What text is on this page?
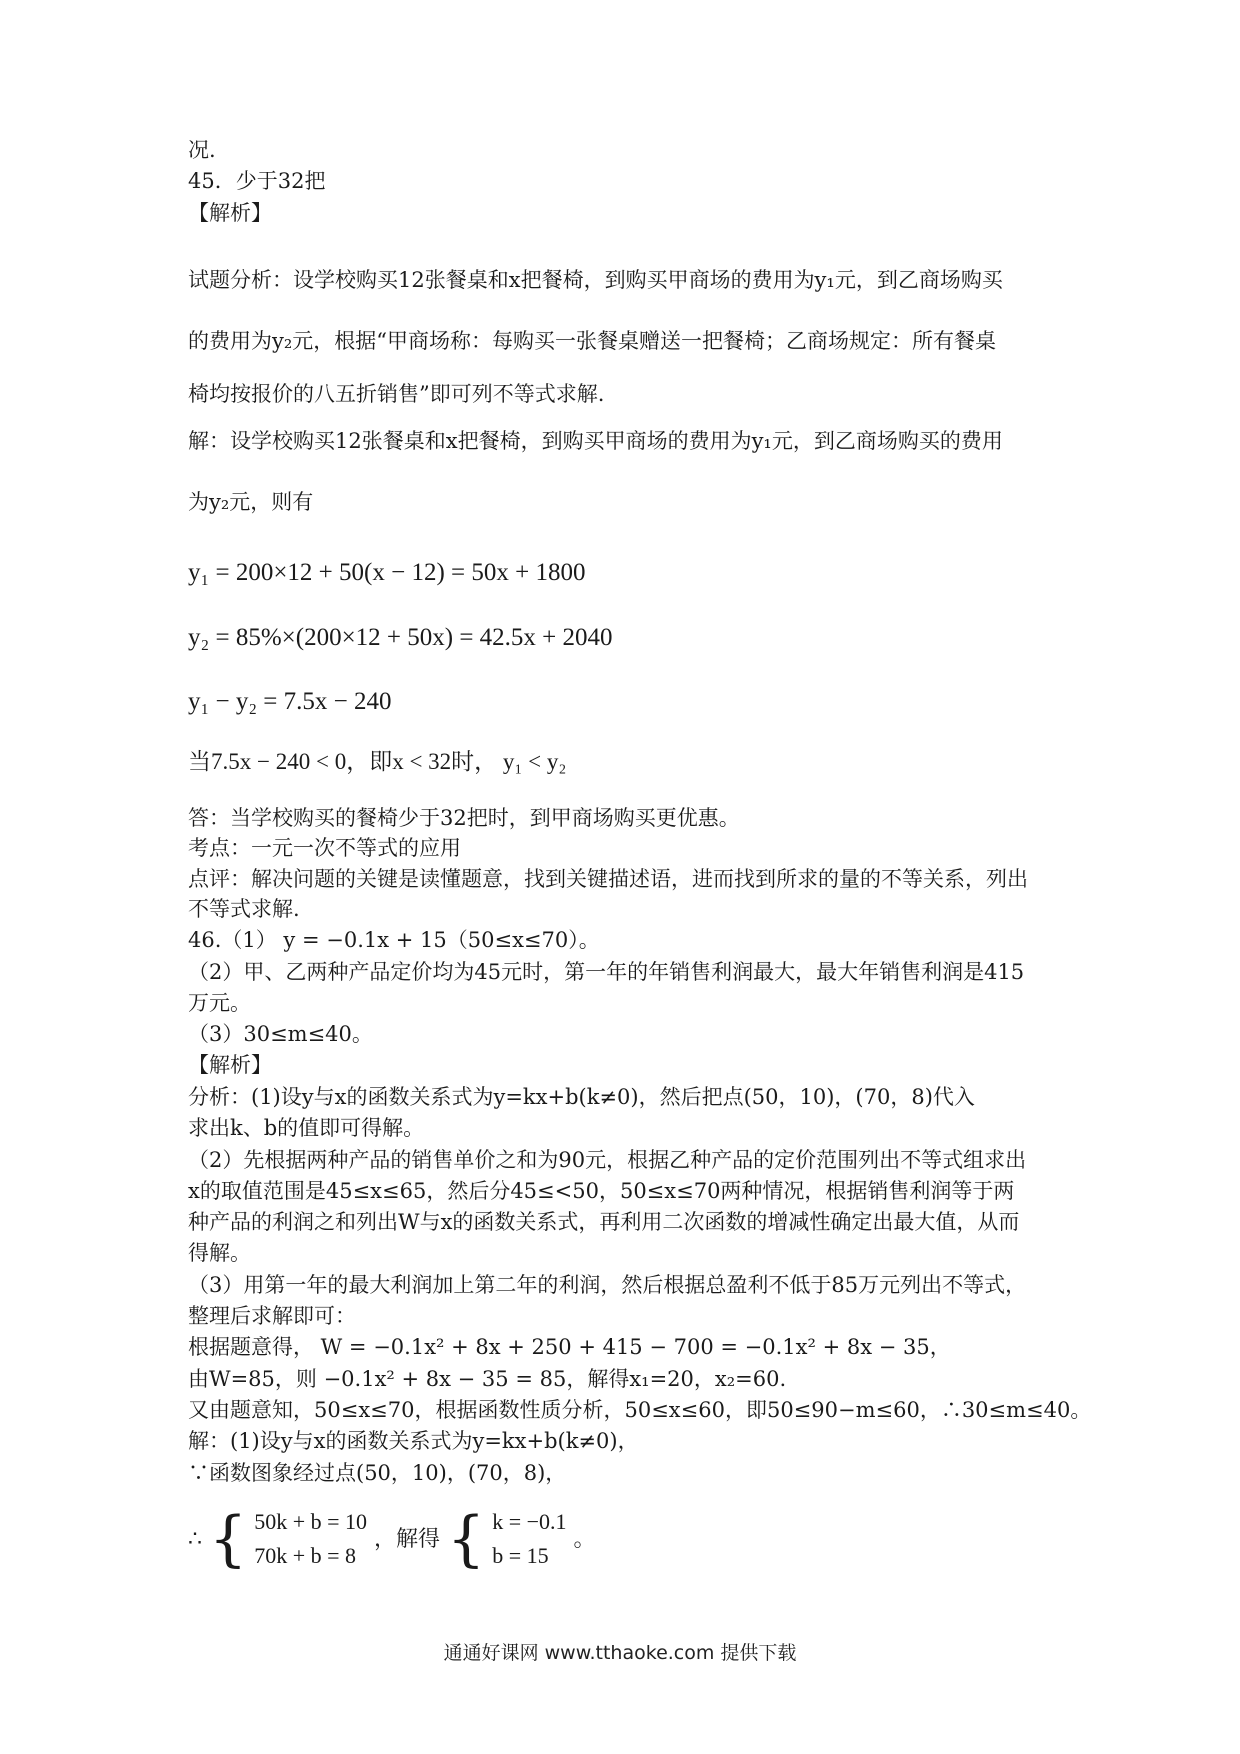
况.
45．少于32把
【解析】
试题分析：设学校购买12张餐桌和x把餐椅，到购买甲商场的费用为y₁元，到乙商场购买
的费用为y₂元，根据“甲商场称：每购买一张餐桌赠送一把餐椅；乙商场规定：所有餐桌
椅均按报价的八五折销售”即可列不等式求解.
解：设学校购买12张餐桌和x把餐椅，到购买甲商场的费用为y₁元，到乙商场购买的费用
为y₂元，则有
y₁ = 200×12 + 50(x − 12) = 50x + 1800
y₂ = 85%×(200×12 + 50x) = 42.5x + 2040
y₁ − y₂ = 7.5x − 240
当7.5x − 240 < 0，即x < 32时， y₁ < y₂
答：当学校购买的餐椅少于32把时，到甲商场购买更优惠。
考点：一元一次不等式的应用
点评：解决问题的关键是读懂题意，找到关键描述语，进而找到所求的量的不等关系，列出
不等式求解.
46.（1） y = −0.1x + 15（50≤x≤70）。
（2）甲、乙两种产品定价均为45元时，第一年的年销售利润最大，最大年销售利润是415
万元。
（3）30≤m≤40。
【解析】
分析：(1)设y与x的函数关系式为y=kx+b(k≠0)，然后把点(50，10)，(70，8)代入
求出k、b的值即可得解。
（2）先根据两种产品的销售单价之和为90元，根据乙种产品的定价范围列出不等式组求出
x的取值范围是45≤x≤65，然后分45≤<50，50≤x≤70两种情况，根据销售利润等于两
种产品的利润之和列出W与x的函数关系式，再利用二次函数的增减性确定出最大值，从而
得解。
（3）用第一年的最大利润加上第二年的利润，然后根据总盈利不低于85万元列出不等式，
整理后求解即可：
根据题意得， W = −0.1x² + 8x + 250 + 415 − 700 = −0.1x² + 8x − 35，
由W=85，则 −0.1x² + 8x − 35 = 85，解得x₁=20，x₂=60.
又由题意知，50≤x≤70，根据函数性质分析，50≤x≤60，即50≤90−m≤60，∴30≤m≤40。
解：(1)设y与x的函数关系式为y=kx+b(k≠0)，
∵函数图象经过点(50，10)，(70，8)，
∴ { 50k + b = 10
70k + b = 8 ，解得 { k = −0.1
b = 15 。
通通好课网 www.tthaoke.com 提供下载
